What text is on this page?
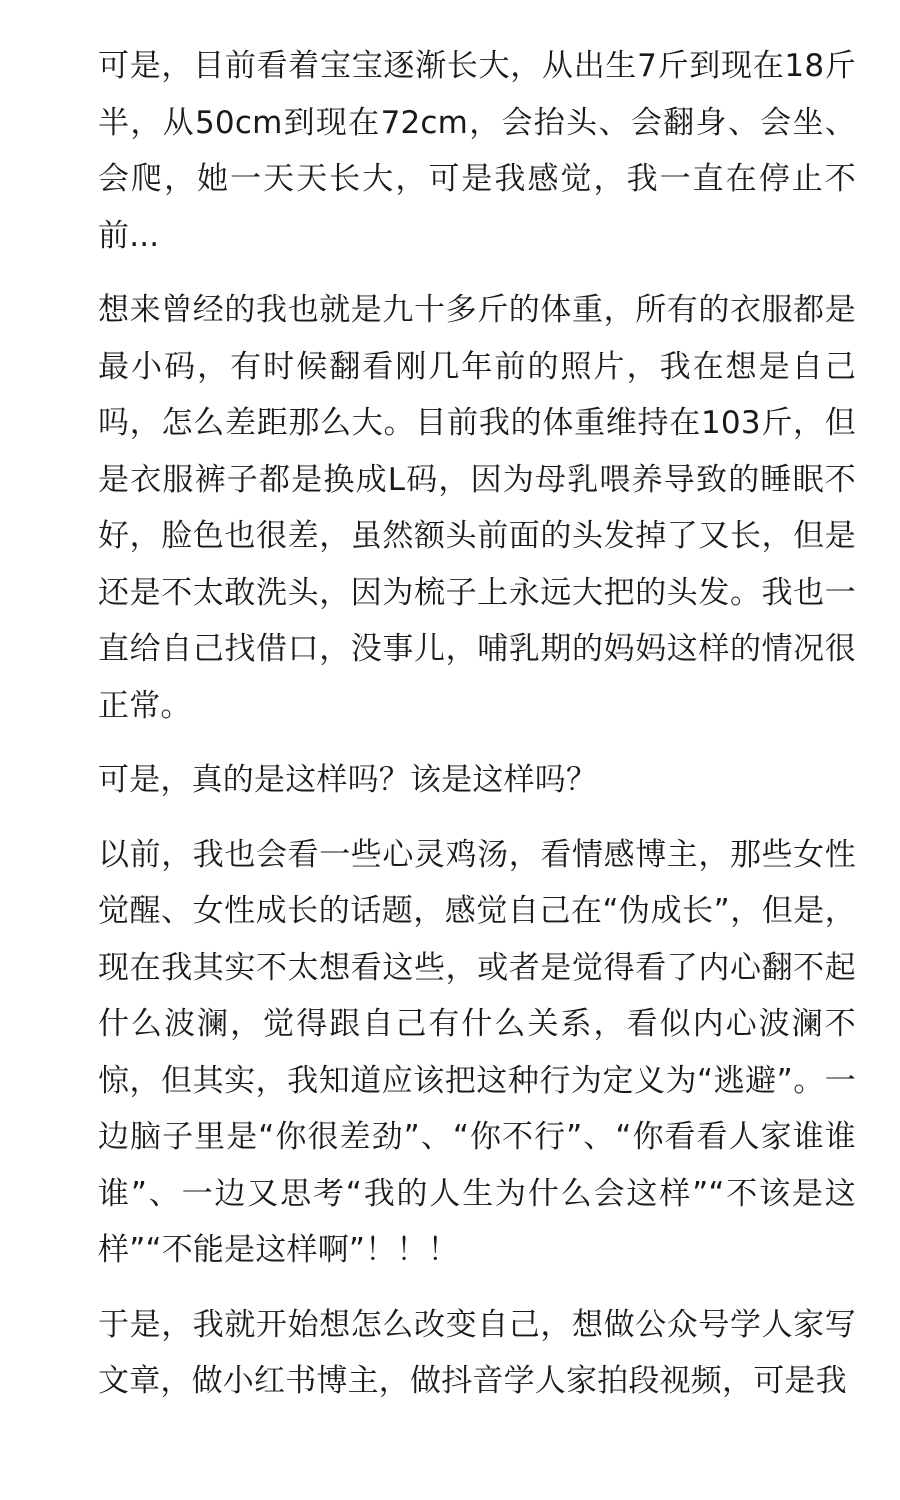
可是，目前看着宝宝逐渐长大，从出生7斤到现在18斤半，从50cm到现在72cm，会抬头、会翻身、会坐、会爬，她一天天长大，可是我感觉，我一直在停止不前...

想来曾经的我也就是九十多斤的体重，所有的衣服都是最小码，有时候翻看刚几年前的照片，我在想是自己吗，怎么差距那么大。目前我的体重维持在103斤，但是衣服裤子都是换成L码，因为母乳喂养导致的睡眠不好，脸色也很差，虽然额头前面的头发掉了又长，但是还是不太敢洗头，因为梳子上永远大把的头发。我也一直给自己找借口，没事儿，哺乳期的妈妈这样的情况很正常。

可是，真的是这样吗？该是这样吗？

以前，我也会看一些心灵鸡汤，看情感博主，那些女性觉醒、女性成长的话题，感觉自己在“伪成长”，但是，现在我其实不太想看这些，或者是觉得看了内心翻不起什么波澜，觉得跟自己有什么关系，看似内心波澜不惊，但其实，我知道应该把这种行为定义为“逃避”。一边脑子里是“你很差劲”、“你不行”、“你看看人家谁谁谁”、一边又思考“我的人生为什么会这样”“不该是这样”“不能是这样啊”！！！

于是，我就开始想怎么改变自己，想做公众号学人家写文章，做小红书博主，做抖音学人家拍段视频，可是我
